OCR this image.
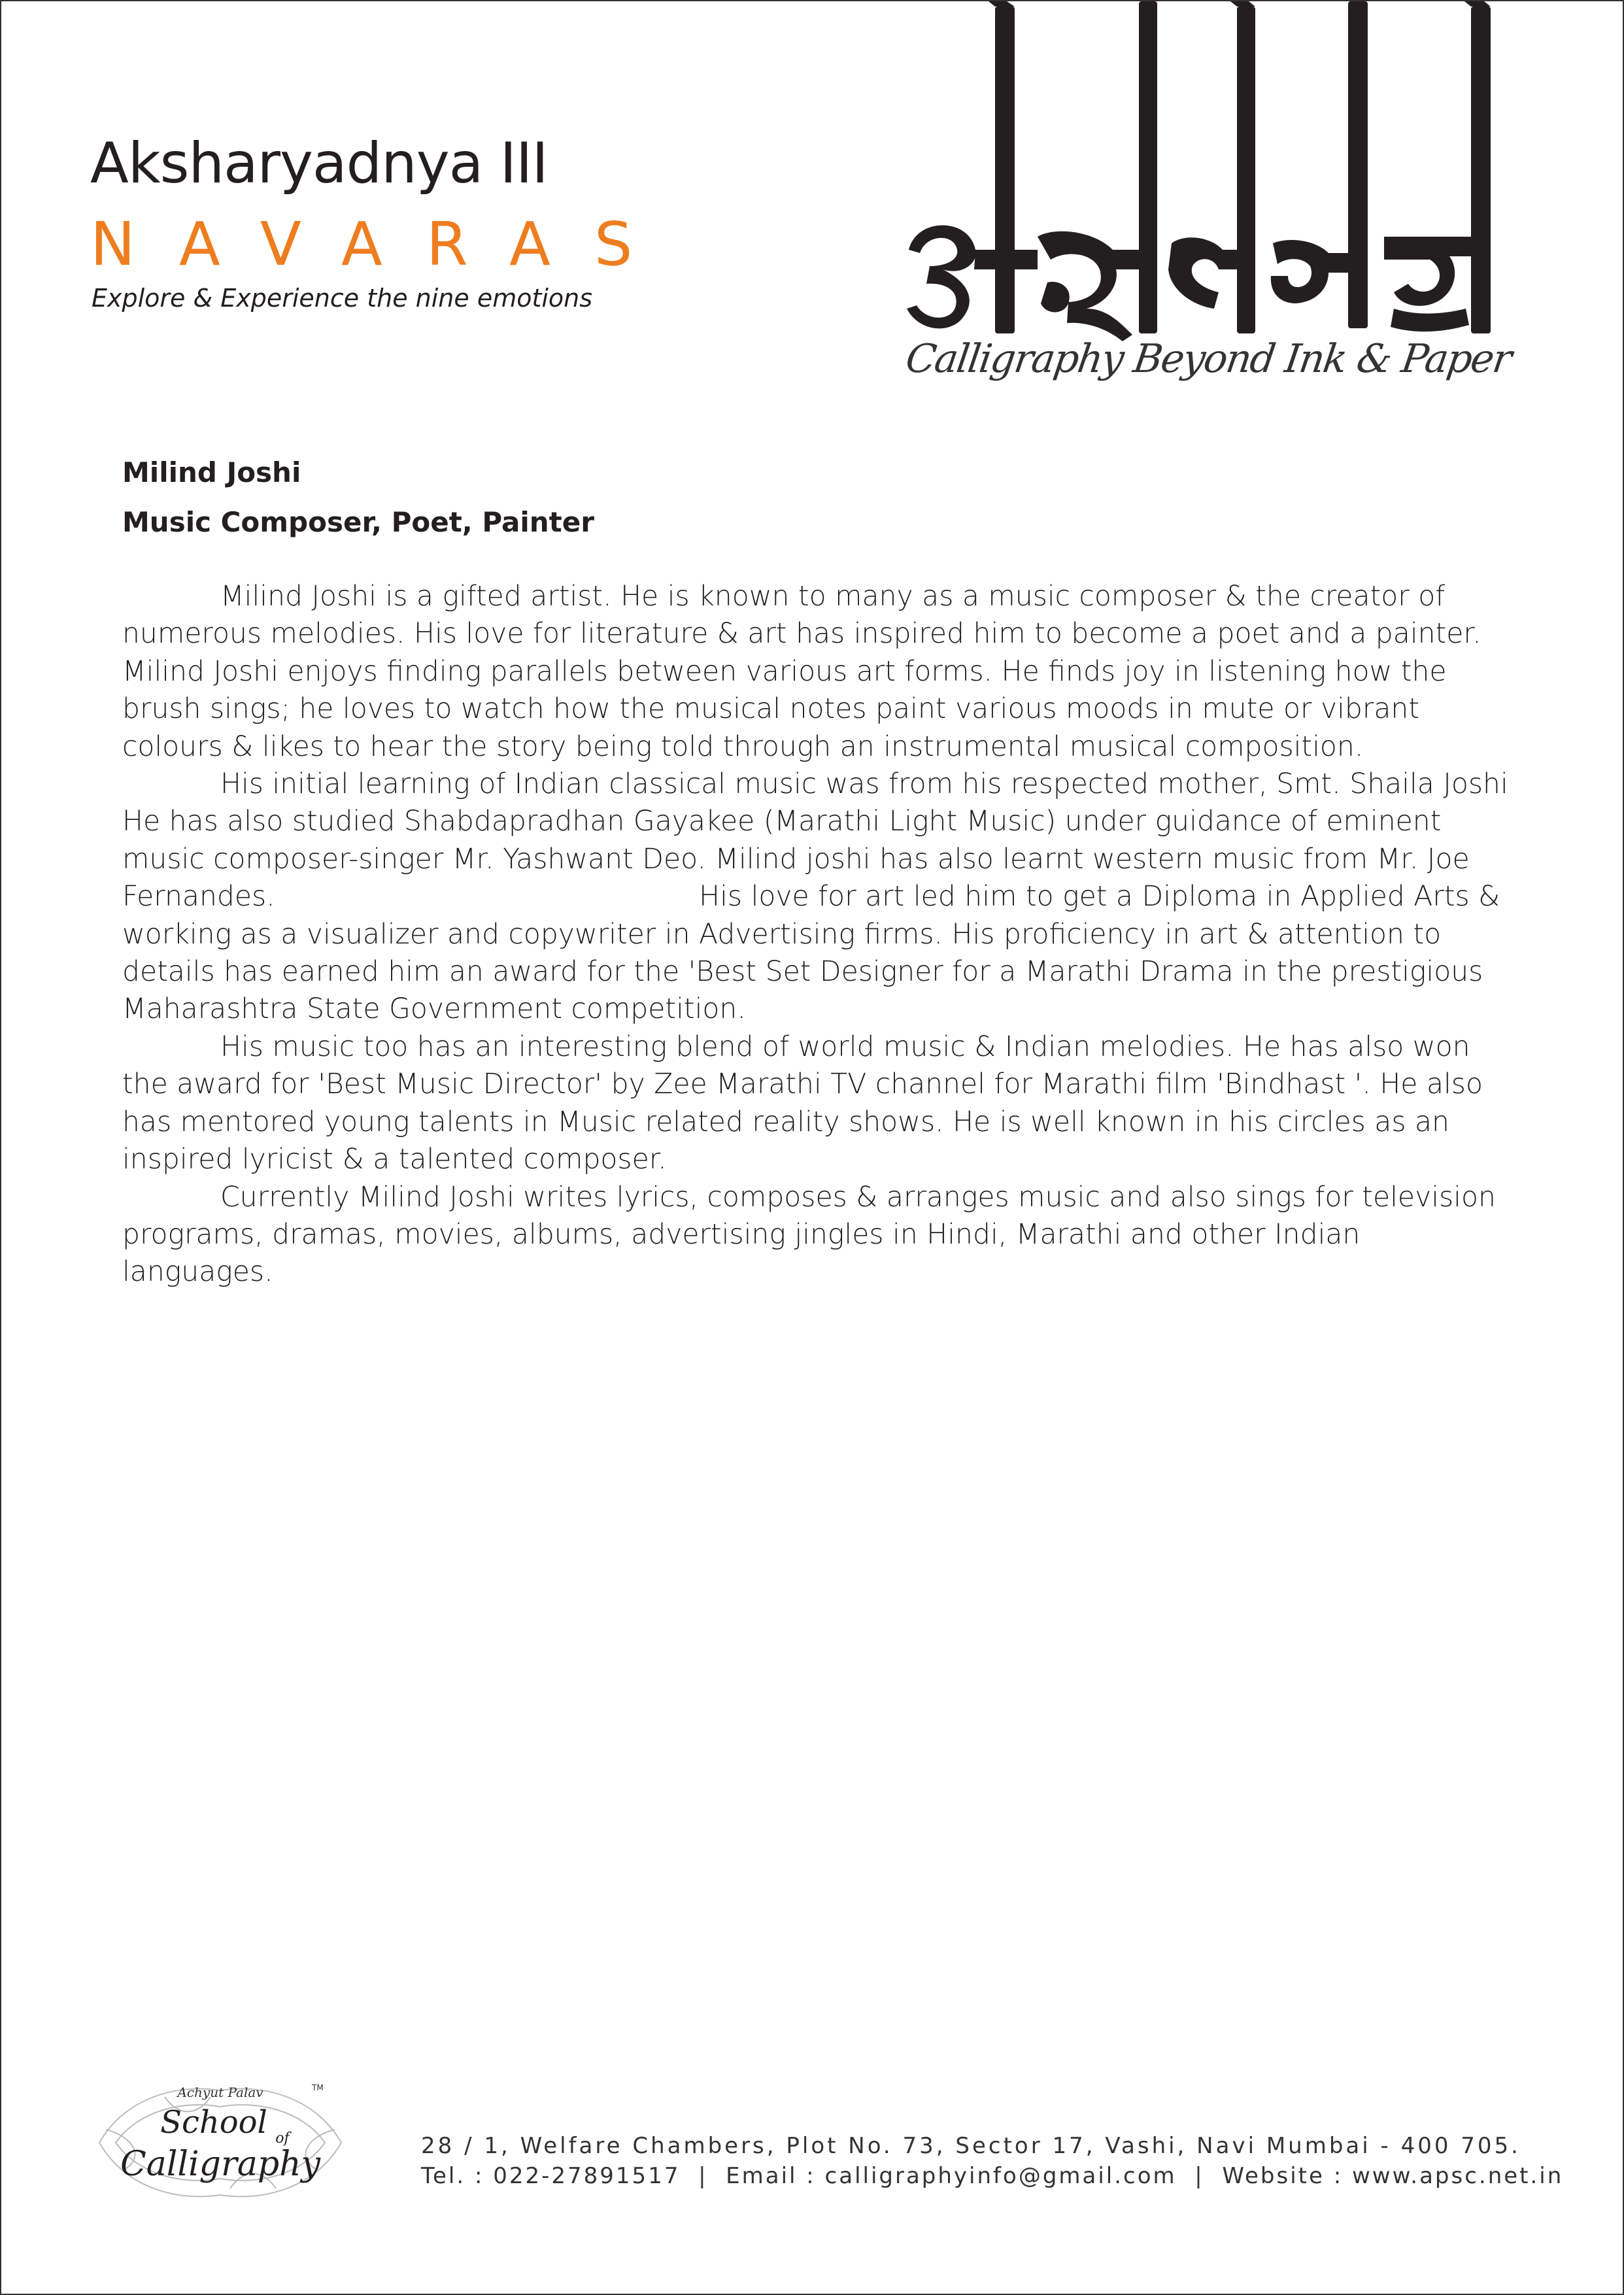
Aksharyadnya III
NAVARAS
Explore & Experience the nine emotions
Calligraphy Beyond Ink & Paper
Milind Joshi
Music Composer, Poet, Painter

Milind Joshi is a gifted artist. He is known to many as a music composer & the creator of numerous melodies. His love for literature & art has inspired him to become a poet and a painter. Milind Joshi enjoys finding parallels between various art forms. He finds joy in listening how the brush sings; he loves to watch how the musical notes paint various moods in mute or vibrant colours & likes to hear the story being told through an instrumental musical composition.

His initial learning of Indian classical music was from his respected mother, Smt. Shaila Joshi He has also studied Shabdapradhan Gayakee (Marathi Light Music) under guidance of eminent music composer-singer Mr. Yashwant Deo. Milind joshi has also learnt western music from Mr. Joe Fernandes.                                                His love for art led him to get a Diploma in Applied Arts & working as a visualizer and copywriter in Advertising firms. His proficiency in art & attention to details has earned him an award for the 'Best Set Designer for a Marathi Drama in the prestigious Maharashtra State Government competition.

His music too has an interesting blend of world music & Indian melodies. He has also won the award for 'Best Music Director' by Zee Marathi TV channel for Marathi film 'Bindhast '. He also has mentored young talents in Music related reality shows. He is well known in his circles as an inspired lyricist & a talented composer.

Currently Milind Joshi writes lyrics, composes & arranges music and also sings for television programs, dramas, movies, albums, advertising jingles in Hindi, Marathi and other Indian languages.

Achyut Palav	TM
School of
Calligraphy	28 / 1, Welfare Chambers, Plot No. 73, Sector 17, Vashi, Navi Mumbai - 400 705.
Tel. : 022-27891517  |  Email : calligraphyinfo@gmail.com  |  Website : www.apsc.net.in
